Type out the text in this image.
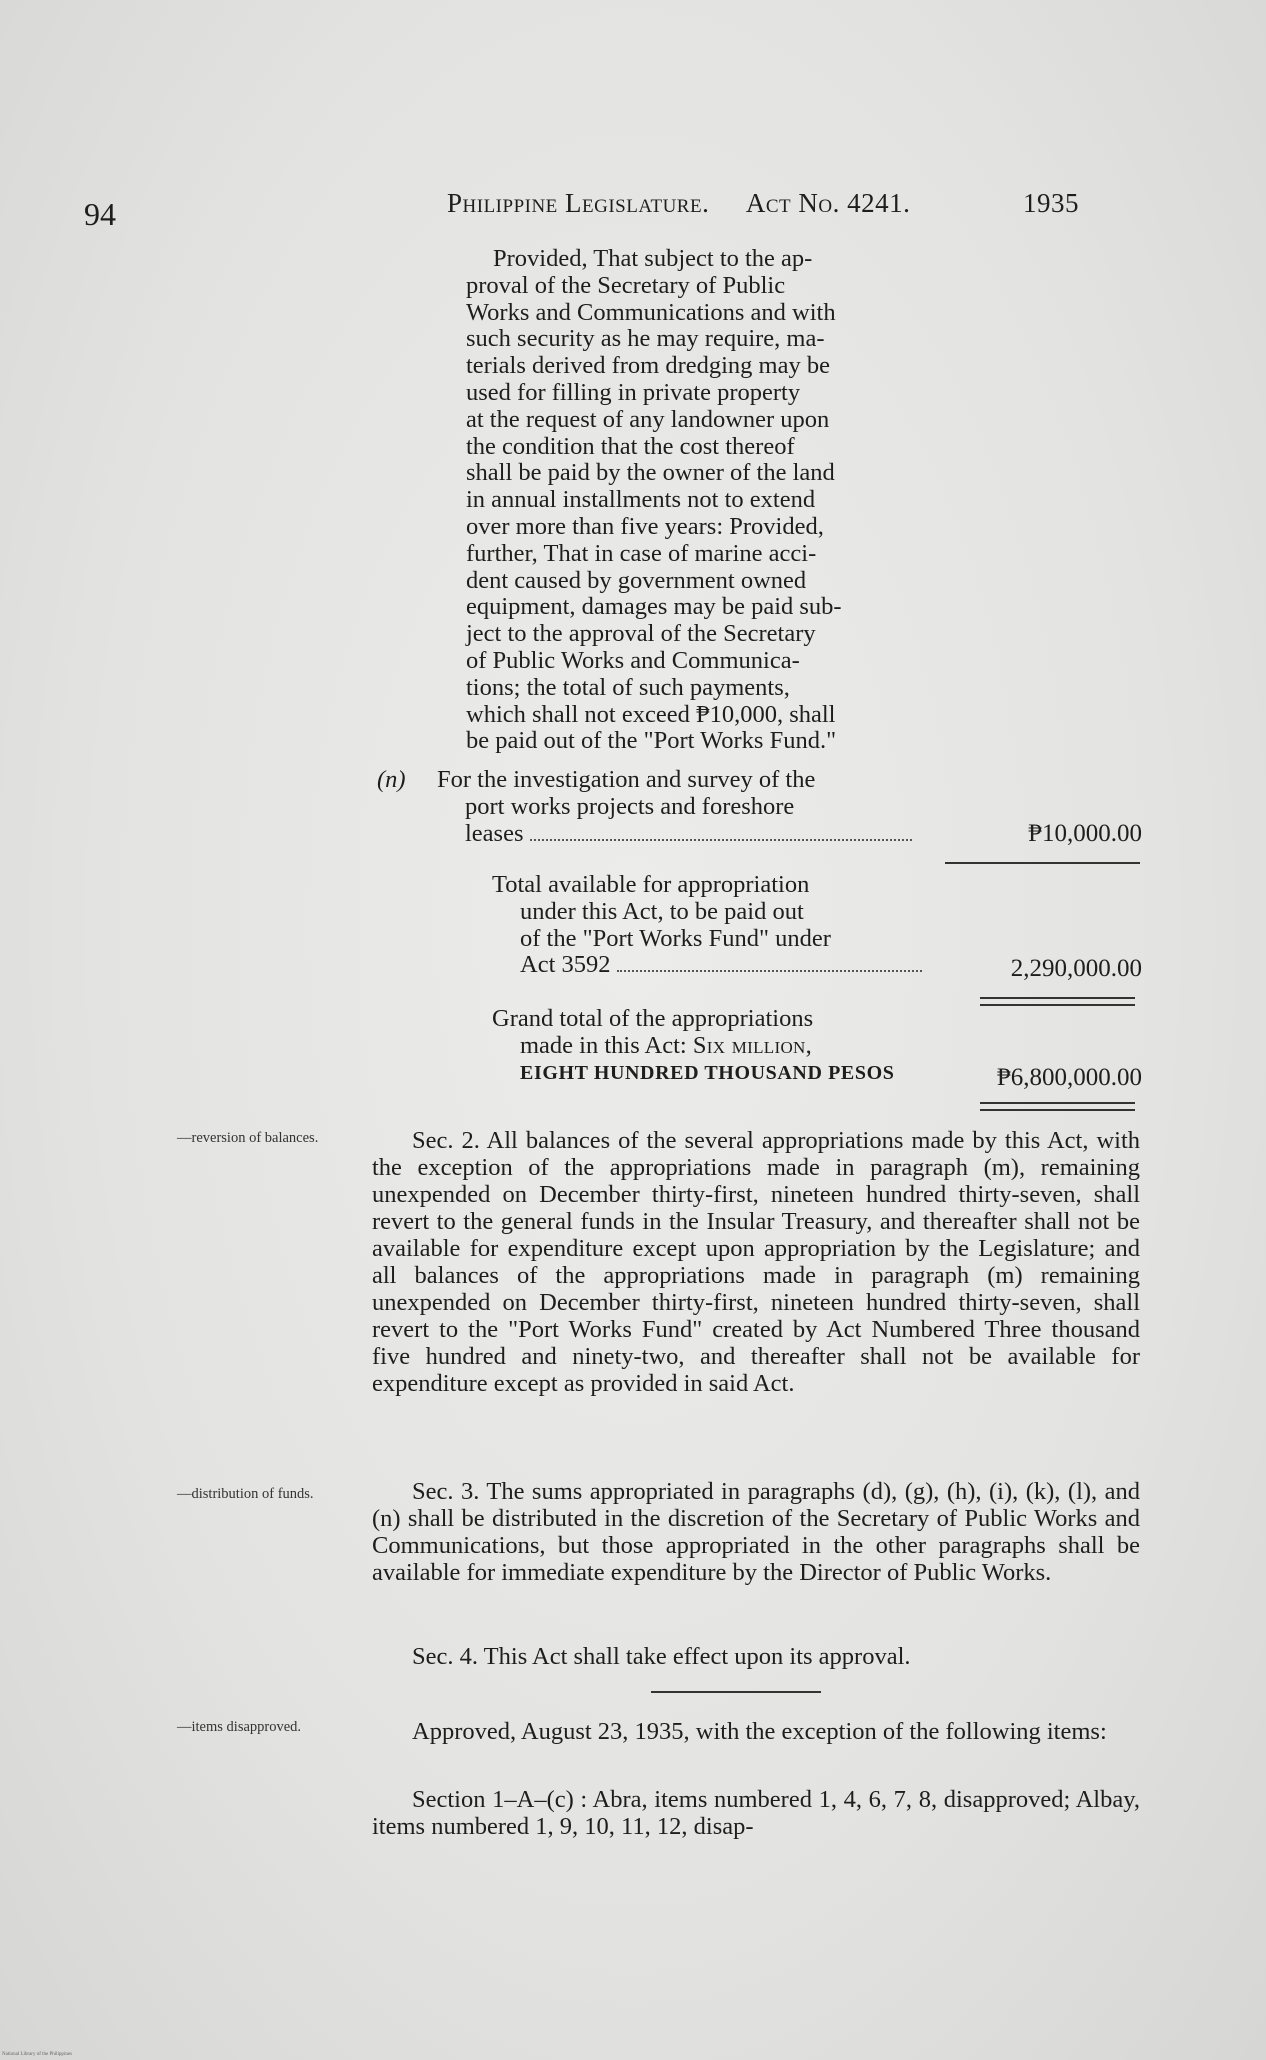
94	Philippine Legislature. Act No. 4241.	1935
Provided, That subject to the ap-
proval of the Secretary of Public
Works and Communications and with
such security as he may require, ma-
terials derived from dredging may be
used for filling in private property
at the request of any landowner upon
the condition that the cost thereof
shall be paid by the owner of the land
in annual installments not to extend
over more than five years: Provided,
further, That in case of marine acci-
dent caused by government owned
equipment, damages may be paid sub-
ject to the approval of the Secretary
of Public Works and Communica-
tions; the total of such payments,
which shall not exceed ₱10,000, shall
be paid out of the "Port Works Fund."
(n) For the investigation and survey of the
port works projects and foreshore
leases	₱10,000.00
Total available for appropriation
under this Act, to be paid out
of the "Port Works Fund" under
Act 3592	2,290,000.00
Grand total of the appropriations
made in this Act: Six million,
EIGHT HUNDRED THOUSAND PESOS	₱6,800,000.00
—reversion of balances.	Sec. 2. All balances of the several appropriations made by this Act, with the exception of the appropriations made in paragraph (m), remaining unexpended on December thirty-first, nineteen hundred thirty-seven, shall revert to the general funds in the Insular Treasury, and thereafter shall not be available for expenditure except upon appropriation by the Legislature; and all balances of the appropriations made in paragraph (m) remaining unexpended on December thirty-first, nineteen hundred thirty-seven, shall revert to the "Port Works Fund" created by Act Numbered Three thousand five hundred and ninety-two, and thereafter shall not be available for expenditure except as provided in said Act.

—distribution of funds.	Sec. 3. The sums appropriated in paragraphs (d), (g), (h), (i), (k), (l), and (n) shall be distributed in the discretion of the Secretary of Public Works and Communications, but those appropriated in the other paragraphs shall be available for immediate expenditure by the Director of Public Works.

Sec. 4. This Act shall take effect upon its approval.

—items disapproved.	Approved, August 23, 1935, with the exception of the following items:

Section 1–A–(c) : Abra, items numbered 1, 4, 6, 7, 8, disapproved; Albay, items numbered 1, 9, 10, 11, 12, disap-

National Library of the Philippines
